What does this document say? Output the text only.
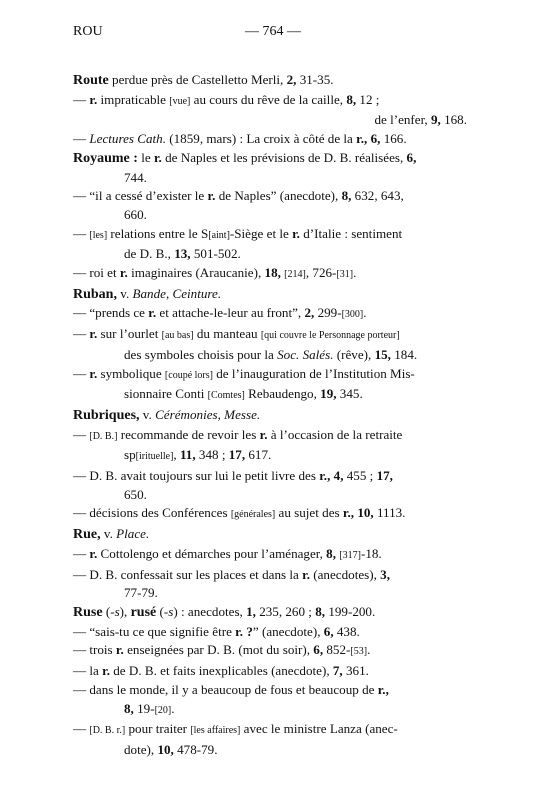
ROU	— 764 —
Route perdue près de Castelletto Merli, 2, 31-35.
— r. impraticable [vue] au cours du rêve de la caille, 8, 12 ;
de l’enfer, 9, 168.
— Lectures Cath. (1859, mars) : La croix à côté de la r., 6, 166.
Royaume : le r. de Naples et les prévisions de D. B. réalisées, 6,
744.
— “il a cessé d’exister le r. de Naples” (anecdote), 8, 632, 643,
660.
— [les] relations entre le S[aint]-Siège et le r. d’Italie : sentiment
de D. B., 13, 501-502.
— roi et r. imaginaires (Araucanie), 18, [214], 726-[31].
Ruban, v. Bande, Ceinture.
— “prends ce r. et attache-le-leur au front”, 2, 299-[300].
— r. sur l’ourlet [au bas] du manteau [qui couvre le Personnage porteur]
des symboles choisis pour la Soc. Salés. (rêve), 15, 184.
— r. symbolique [coupé lors] de l’inauguration de l’Institution Mis-
sionnaire Conti [Comtes] Rebaudengo, 19, 345.
Rubriques, v. Cérémonies, Messe.
— [D. B.] recommande de revoir les r. à l’occasion de la retraite
sp[irituelle], 11, 348 ; 17, 617.
— D. B. avait toujours sur lui le petit livre des r., 4, 455 ; 17,
650.
— décisions des Conférences [générales] au sujet des r., 10, 1113.
Rue, v. Place.
— r. Cottolengo et démarches pour l’aménager, 8, [317]-18.
— D. B. confessait sur les places et dans la r. (anecdotes), 3,
77-79.
Ruse (-s), rusé (-s) : anecdotes, 1, 235, 260 ; 8, 199-200.
— “sais-tu ce que signifie être r. ?” (anecdote), 6, 438.
— trois r. enseignées par D. B. (mot du soir), 6, 852-[53].
— la r. de D. B. et faits inexplicables (anecdote), 7, 361.
— dans le monde, il y a beaucoup de fous et beaucoup de r.,
8, 19-[20].
— [D. B. r.] pour traiter [les affaires] avec le ministre Lanza (anec-
dote), 10, 478-79.
